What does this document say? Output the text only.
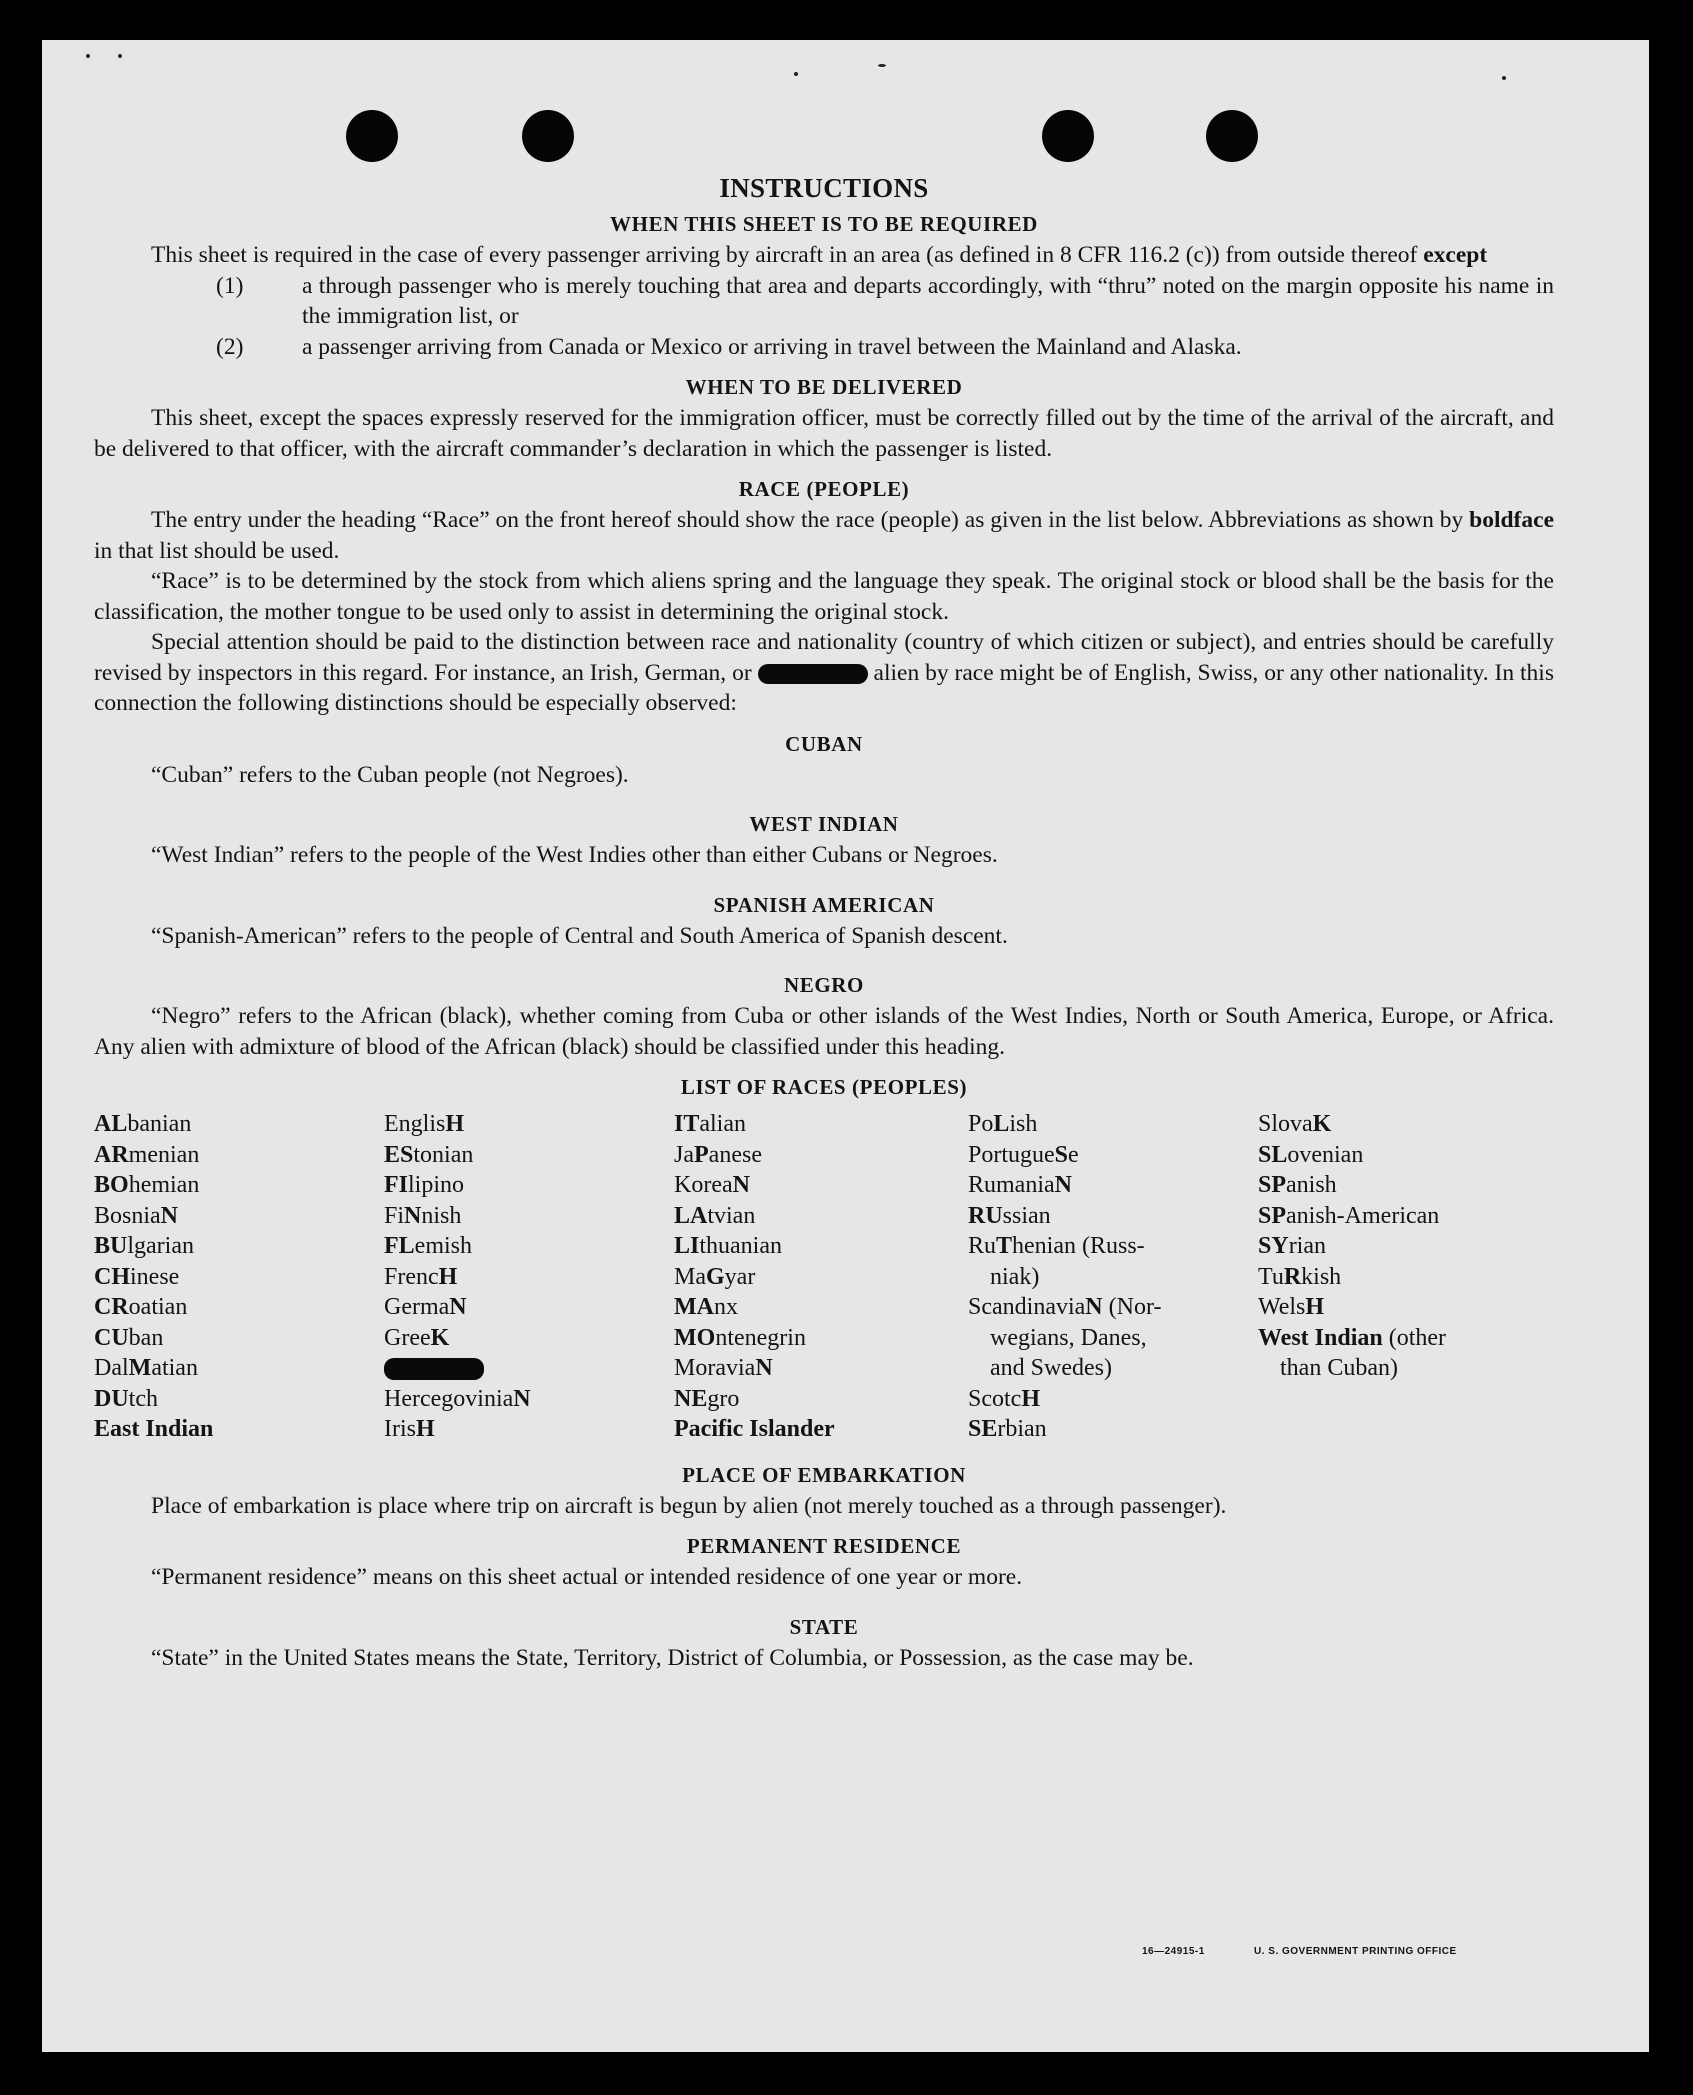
INSTRUCTIONS
WHEN THIS SHEET IS TO BE REQUIRED

This sheet is required in the case of every passenger arriving by aircraft in an area (as defined in 8 CFR 116.2 (c)) from outside thereof except

(1)	a through passenger who is merely touching that area and departs accordingly, with “thru” noted on the margin opposite his name in the immigration list, or
(2)	a passenger arriving from Canada or Mexico or arriving in travel between the Mainland and Alaska.
WHEN TO BE DELIVERED

This sheet, except the spaces expressly reserved for the immigration officer, must be correctly filled out by the time of the arrival of the aircraft, and be delivered to that officer, with the aircraft commander’s declaration in which the passenger is listed.

RACE (PEOPLE)

The entry under the heading “Race” on the front hereof should show the race (people) as given in the list below. Abbreviations as shown by boldface in that list should be used.

“Race” is to be determined by the stock from which aliens spring and the language they speak. The original stock or blood shall be the basis for the classification, the mother tongue to be used only to assist in determining the original stock.

Special attention should be paid to the distinction between race and nationality (country of which citizen or subject), and entries should be carefully revised by inspectors in this regard. For instance, an Irish, German, or	alien by race might be of English, Swiss, or any other nationality. In this connection the following distinctions should be especially observed:

CUBAN

“Cuban” refers to the Cuban people (not Negroes).

WEST INDIAN

“West Indian” refers to the people of the West Indies other than either Cubans or Negroes.

SPANISH AMERICAN

“Spanish-American” refers to the people of Central and South America of Spanish descent.

NEGRO

“Negro” refers to the African (black), whether coming from Cuba or other islands of the West Indies, North or South America, Europe, or Africa. Any alien with admixture of blood of the African (black) should be classified under this heading.

LIST OF RACES (PEOPLES)
ALbanian
ARmenian
BOhemian
BosniaN
BUlgarian
CHinese
CRoatian
CUban
DalMatian
DUtch
East Indian
EnglisH
EStonian
FIlipino
FiNnish
FLemish
FrencH
GermaN
GreeK
HercegoviniaN
IrisH
ITalian
JaPanese
KoreaN
LAtvian
LIthuanian
MaGyar
MAnx
MOntenegrin
MoraviaN
NEgro
Pacific Islander
PoLish
PortugueSe
RumaniaN
RUssian
RuThenian (Russ-
niak)
ScandinaviaN (Nor-
wegians, Danes,
and Swedes)
ScotcH
SErbian
SlovaK
SLovenian
SPanish
SPanish-American
SYrian
TuRkish
WelsH
West Indian (other
than Cuban)
PLACE OF EMBARKATION

Place of embarkation is place where trip on aircraft is begun by alien (not merely touched as a through passenger).

PERMANENT RESIDENCE

“Permanent residence” means on this sheet actual or intended residence of one year or more.

STATE

“State” in the United States means the State, Territory, District of Columbia, or Possession, as the case may be.

16—24915-1	U. S. GOVERNMENT PRINTING OFFICE
